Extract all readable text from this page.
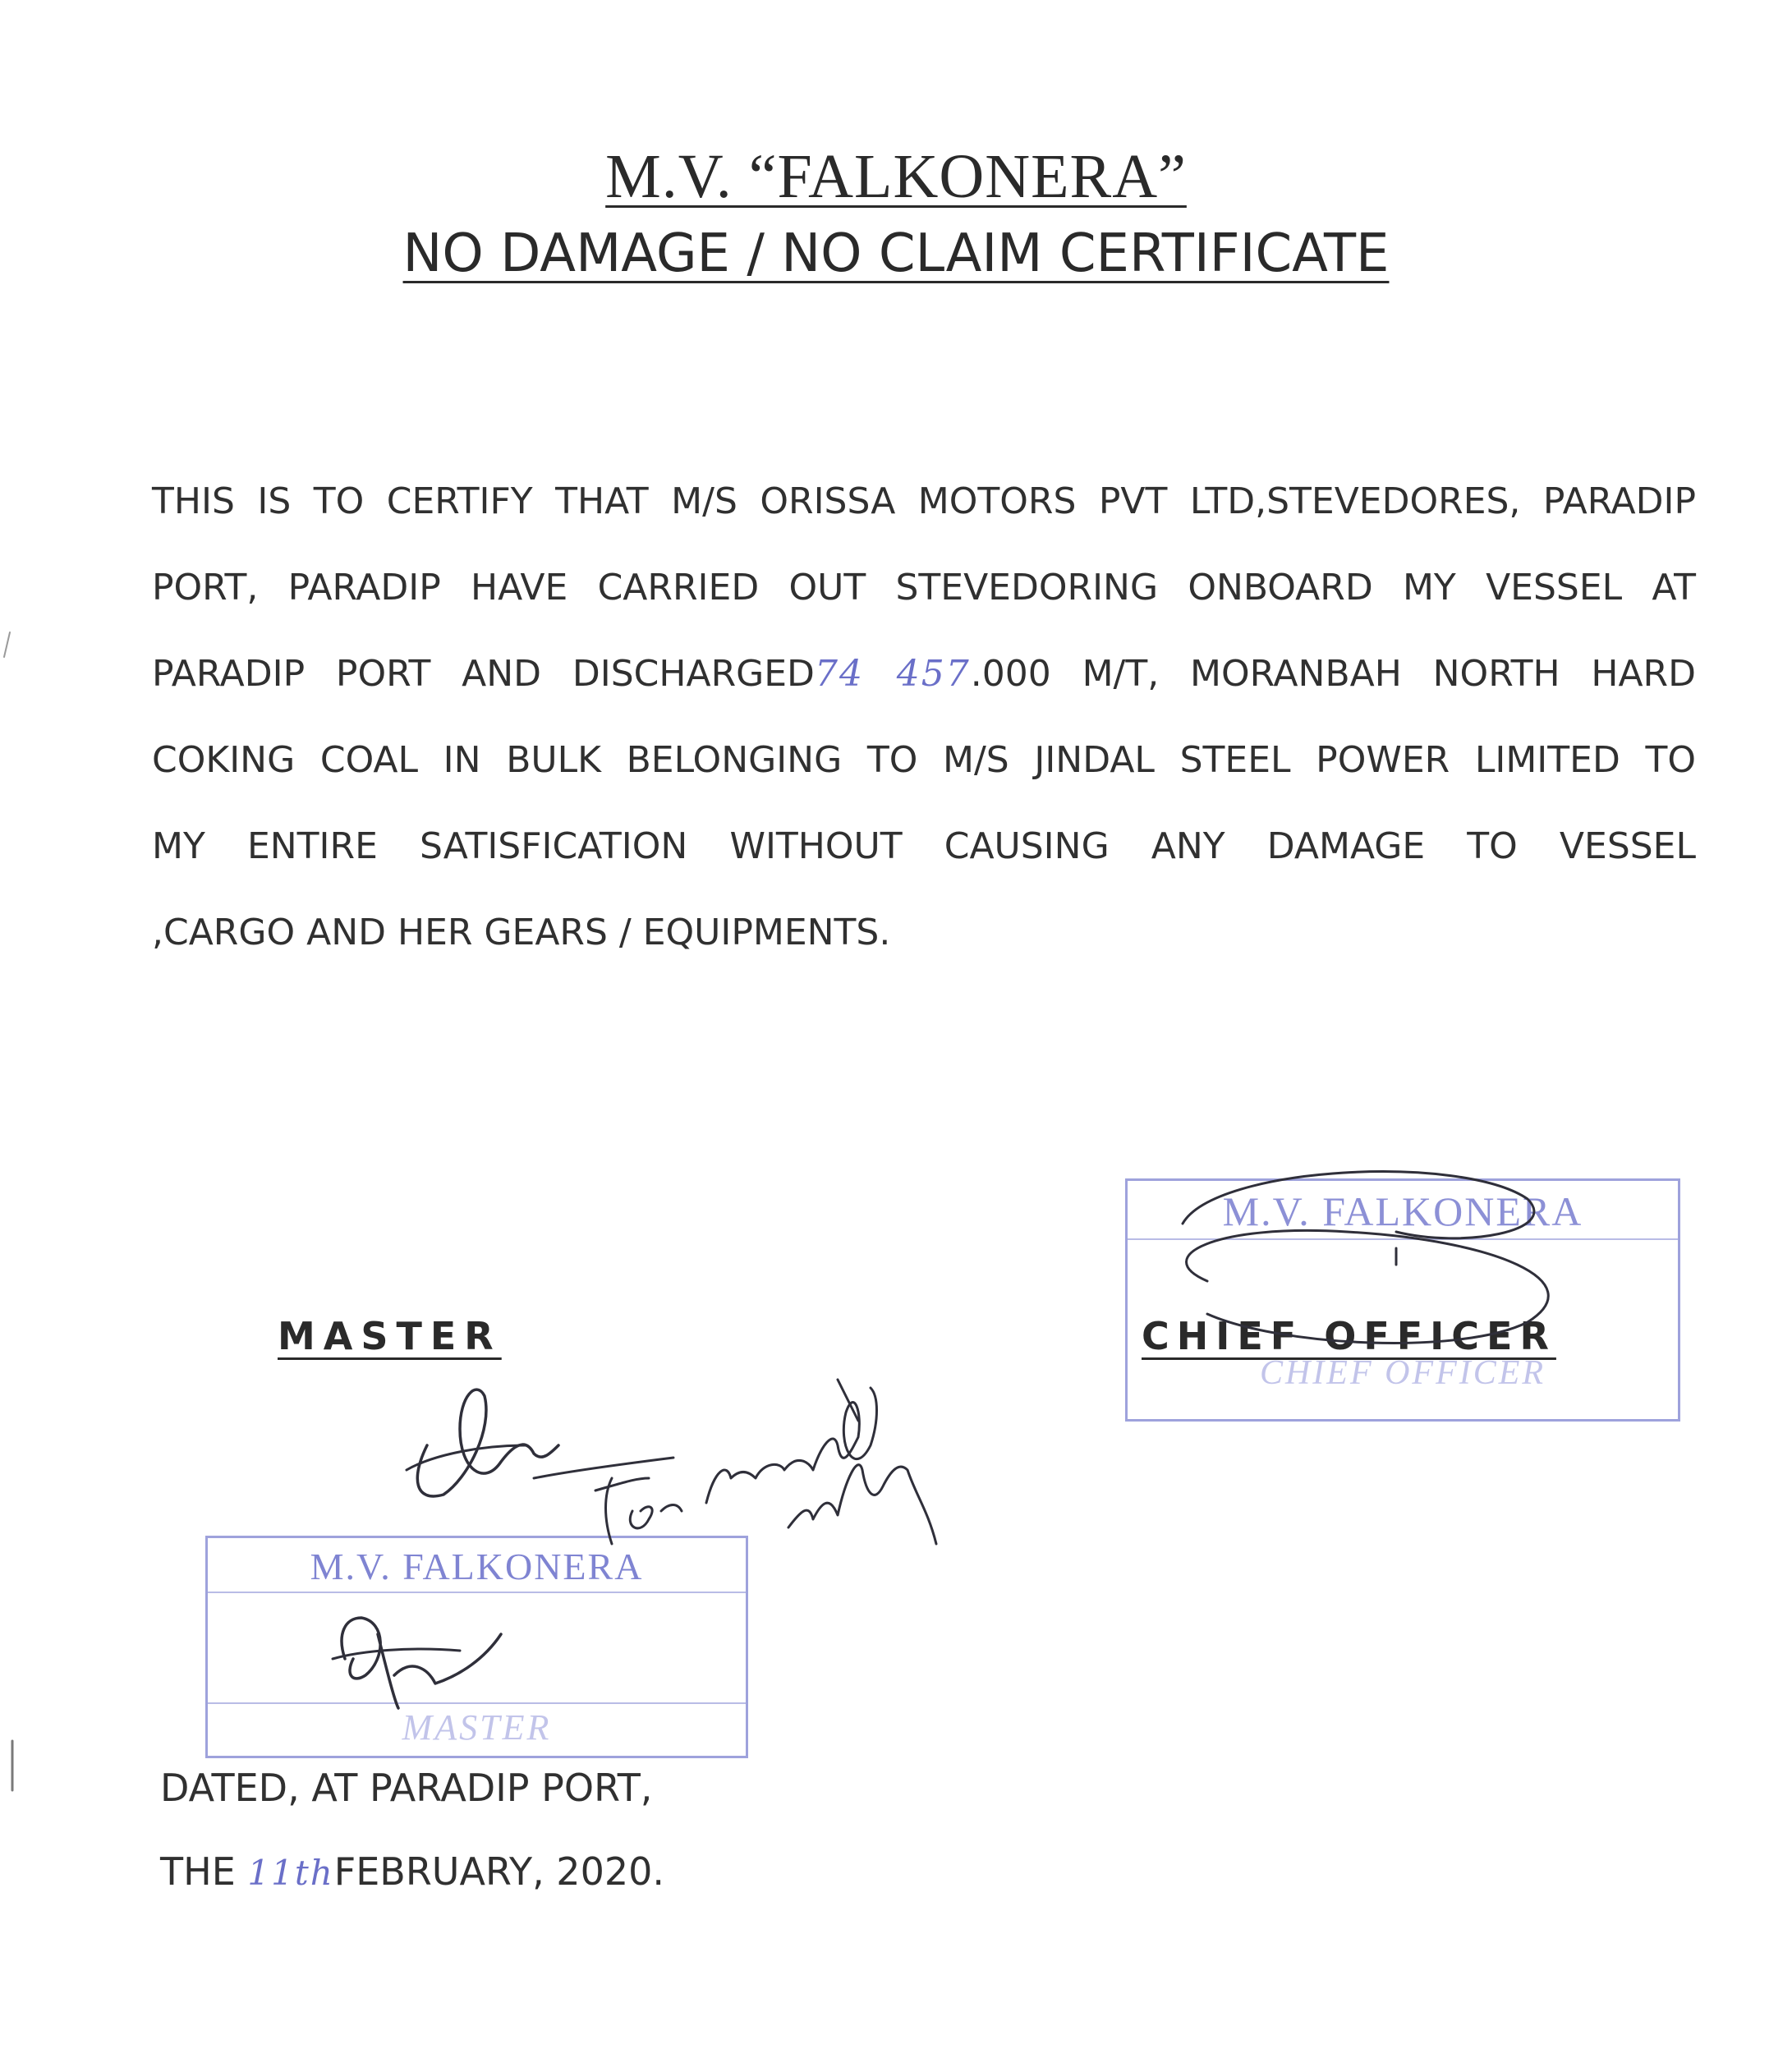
M.V. “FALKONERA”
NO DAMAGE / NO CLAIM CERTIFICATE
THIS IS TO CERTIFY THAT M/S ORISSA MOTORS PVT LTD,STEVEDORES, PARADIP
PORT, PARADIP HAVE CARRIED OUT STEVEDORING ONBOARD MY VESSEL AT
PARADIP PORT AND DISCHARGED74 457.000 M/T, MORANBAH NORTH HARD
COKING COAL IN BULK BELONGING TO M/S JINDAL STEEL POWER LIMITED TO
MY ENTIRE SATISFICATION WITHOUT CAUSING ANY DAMAGE TO VESSEL
,CARGO AND HER GEARS / EQUIPMENTS.
MASTER
M.V. FALKONERA
CHIEF OFFICER
CHIEF OFFICER
M.V. FALKONERA
MASTER
DATED, AT PARADIP PORT,
THE 11thFEBRUARY, 2020.
